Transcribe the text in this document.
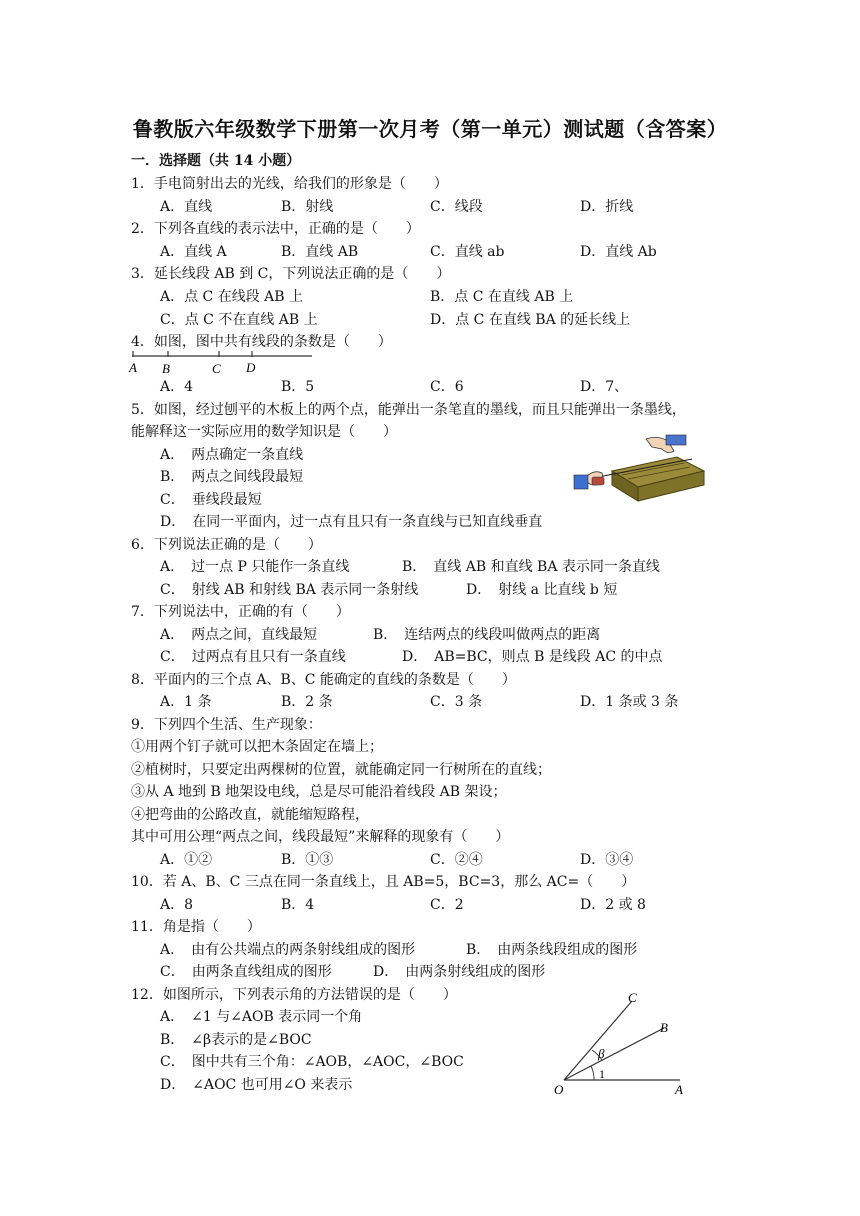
鲁教版六年级数学下册第一次月考（第一单元）测试题（含答案）
一．选择题（共 14 小题）
1．手电筒射出去的光线，给我们的形象是（　　）
A．直线	B．射线	C．线段	D．折线
2．下列各直线的表示法中，正确的是（　　）
A．直线 A	B．直线 AB	C．直线 ab	D．直线 Ab
3．延长线段 AB 到 C，下列说法正确的是（　　）
A．点 C 在线段 AB 上	B．点 C 在直线 AB 上
C．点 C 不在直线 AB 上	D．点 C 在直线 BA 的延长线上
4．如图，图中共有线段的条数是（　　）
A B	C D
A．4	B．5	C．6	D．7、
5．如图，经过刨平的木板上的两个点，能弹出一条笔直的墨线，而且只能弹出一条墨线，
能解释这一实际应用的数学知识是（　　）
A．　两点确定一条直线
B．　两点之间线段最短
C．　垂线段最短
D．　在同一平面内，过一点有且只有一条直线与已知直线垂直
6．下列说法正确的是（　　）
A．　过一点 P 只能作一条直线	B．　直线 AB 和直线 BA 表示同一条直线
C．　射线 AB 和射线 BA 表示同一条射线	D．　射线 a 比直线 b 短
7．下列说法中，正确的有（　　）
A．　两点之间，直线最短	B．　连结两点的线段叫做两点的距离
C．　过两点有且只有一条直线	D．　AB=BC，则点 B 是线段 AC 的中点
8．平面内的三个点 A、B、C 能确定的直线的条数是（　　）
A．1 条	B．2 条	C．3 条	D．1 条或 3 条
9．下列四个生活、生产现象：
①用两个钉子就可以把木条固定在墙上；
②植树时，只要定出两棵树的位置，就能确定同一行树所在的直线；
③从 A 地到 B 地架设电线，总是尽可能沿着线段 AB 架设；
④把弯曲的公路改直，就能缩短路程，
其中可用公理“两点之间，线段最短”来解释的现象有（　　）
A．①②	B．①③	C．②④	D．③④
10．若 A、B、C 三点在同一条直线上，且 AB=5，BC=3，那么 AC=（　　）
A．8	B．4	C．2	D．2 或 8
11．角是指（　　）
A．　由有公共端点的两条射线组成的图形	B．　由两条线段组成的图形
C．　由两条直线组成的图形	D．　由两条射线组成的图形
12．如图所示，下列表示角的方法错误的是（　　）
A．　∠1 与∠AOB 表示同一个角
B．　∠β表示的是∠BOC
C．　图中共有三个角：∠AOB，∠AOC，∠BOC
D．　∠AOC 也可用∠O 来表示
C
B
β
1
O	A
